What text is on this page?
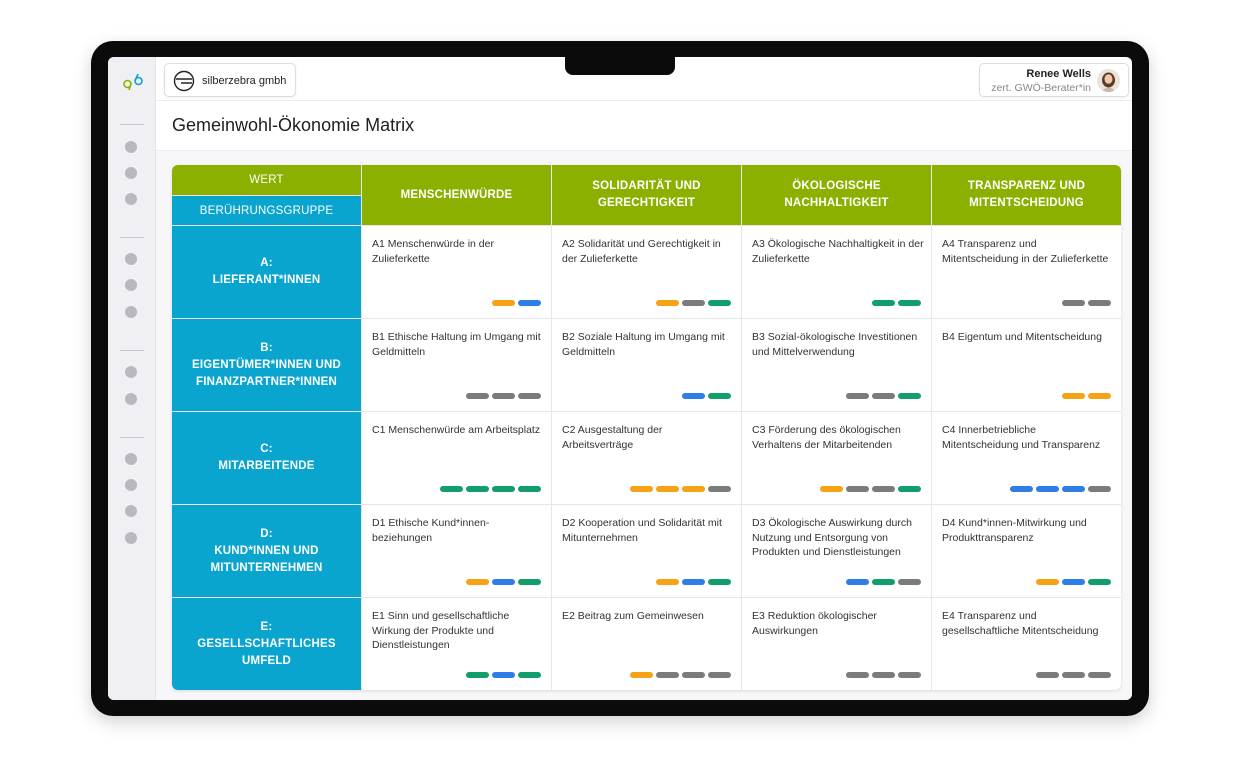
silberzebra gmbh
Renee Wells
zert. GWÖ-Berater*in
Gemeinwohl-Ökonomie Matrix
WERT
BERÜHRUNGSGRUPPE
MENSCHENWÜRDE
SOLIDARITÄT UND GERECHTIGKEIT
ÖKOLOGISCHE NACHHALTIGKEIT
TRANSPARENZ UND MITENTSCHEIDUNG
A:
LIEFERANT*INNEN
A1 Menschenwürde in der Zulieferkette
A2 Solidarität und Gerechtigkeit in der Zulieferkette
A3 Ökologische Nachhaltigkeit in der Zulieferkette
A4 Transparenz und Mitentscheidung in der Zulieferkette
B:
EIGENTÜMER*INNEN UND FINANZPARTNER*INNEN
B1 Ethische Haltung im Umgang mit Geldmitteln
B2 Soziale Haltung im Umgang mit Geldmitteln
B3 Sozial-ökologische Investitionen und Mittelverwendung
B4 Eigentum und Mitentscheidung
C:
MITARBEITENDE
C1 Menschenwürde am Arbeitsplatz	C2 Ausgestaltung der Arbeitsverträge
C3 Förderung des ökologischen Verhaltens der Mitarbeitenden
C4 Innerbetriebliche Mitentscheidung und Transparenz
D:
KUND*INNEN UND MITUNTERNEHMEN
D1 Ethische Kund*innen-beziehungen
D2 Kooperation und Solidarität mit Mitunternehmen
D3 Ökologische Auswirkung durch Nutzung und Entsorgung von Produkten und Dienstleistungen
D4 Kund*innen-Mitwirkung und Produkttransparenz
E:
GESELLSCHAFTLICHES UMFELD
E1 Sinn und gesellschaftliche Wirkung der Produkte und Dienstleistungen
E2 Beitrag zum Gemeinwesen	E3 Reduktion ökologischer Auswirkungen
E4 Transparenz und gesellschaftliche Mitentscheidung
